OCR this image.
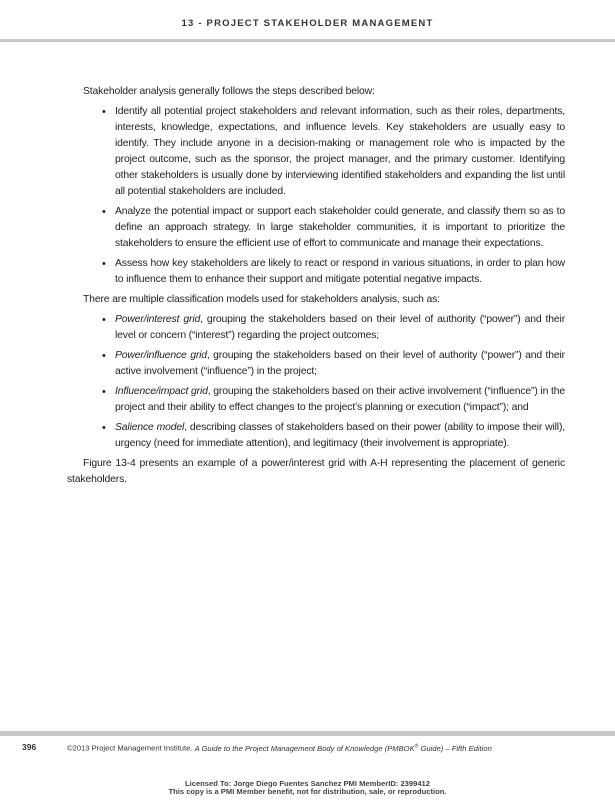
13 - PROJECT STAKEHOLDER MANAGEMENT

Stakeholder analysis generally follows the steps described below:

• Identify all potential project stakeholders and relevant information, such as their roles, departments, interests, knowledge, expectations, and influence levels. Key stakeholders are usually easy to identify. They include anyone in a decision-making or management role who is impacted by the project outcome, such as the sponsor, the project manager, and the primary customer. Identifying other stakeholders is usually done by interviewing identified stakeholders and expanding the list until all potential stakeholders are included.
• Analyze the potential impact or support each stakeholder could generate, and classify them so as to define an approach strategy. In large stakeholder communities, it is important to prioritize the stakeholders to ensure the efficient use of effort to communicate and manage their expectations.
• Assess how key stakeholders are likely to react or respond in various situations, in order to plan how to influence them to enhance their support and mitigate potential negative impacts.

There are multiple classification models used for stakeholders analysis, such as:

• Power/interest grid, grouping the stakeholders based on their level of authority (“power”) and their level or concern (“interest”) regarding the project outcomes;
• Power/influence grid, grouping the stakeholders based on their level of authority (“power”) and their active involvement (“influence”) in the project;
• Influence/impact grid, grouping the stakeholders based on their active involvement (“influence”) in the project and their ability to effect changes to the project’s planning or execution (“impact”); and
• Salience model, describing classes of stakeholders based on their power (ability to impose their will), urgency (need for immediate attention), and legitimacy (their involvement is appropriate).

Figure 13-4 presents an example of a power/interest grid with A-H representing the placement of generic stakeholders.

396	©2013 Project Management Institute. A Guide to the Project Management Body of Knowledge (PMBOK® Guide) – Fifth Edition
Licensed To: Jorge Diego Fuentes Sanchez PMI MemberID: 2399412
This copy is a PMI Member benefit, not for distribution, sale, or reproduction.
